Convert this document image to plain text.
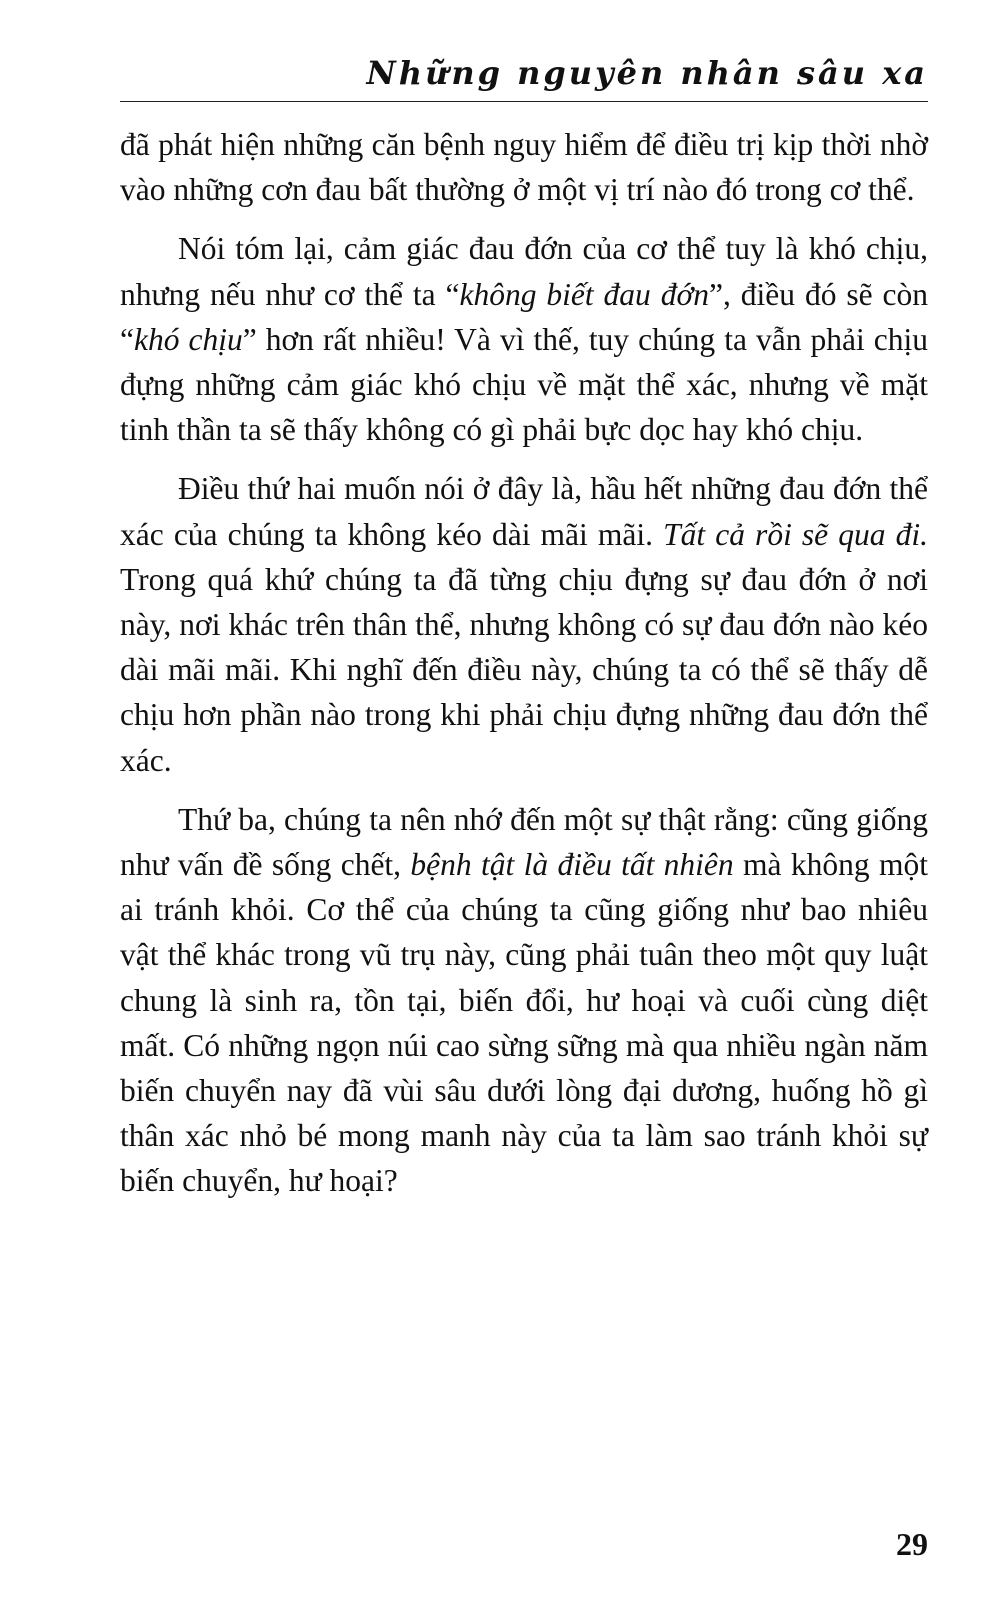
Những nguyên nhân sâu xa

đã phát hiện những căn bệnh nguy hiểm để điều trị kịp thời nhờ vào những cơn đau bất thường ở một vị trí nào đó trong cơ thể.

Nói tóm lại, cảm giác đau đớn của cơ thể tuy là khó chịu, nhưng nếu như cơ thể ta “không biết đau đớn”, điều đó sẽ còn “khó chịu” hơn rất nhiều! Và vì thế, tuy chúng ta vẫn phải chịu đựng những cảm giác khó chịu về mặt thể xác, nhưng về mặt tinh thần ta sẽ thấy không có gì phải bực dọc hay khó chịu.

Điều thứ hai muốn nói ở đây là, hầu hết những đau đớn thể xác của chúng ta không kéo dài mãi mãi. Tất cả rồi sẽ qua đi. Trong quá khứ chúng ta đã từng chịu đựng sự đau đớn ở nơi này, nơi khác trên thân thể, nhưng không có sự đau đớn nào kéo dài mãi mãi. Khi nghĩ đến điều này, chúng ta có thể sẽ thấy dễ chịu hơn phần nào trong khi phải chịu đựng những đau đớn thể xác.

Thứ ba, chúng ta nên nhớ đến một sự thật rằng: cũng giống như vấn đề sống chết, bệnh tật là điều tất nhiên mà không một ai tránh khỏi. Cơ thể của chúng ta cũng giống như bao nhiêu vật thể khác trong vũ trụ này, cũng phải tuân theo một quy luật chung là sinh ra, tồn tại, biến đổi, hư hoại và cuối cùng diệt mất. Có những ngọn núi cao sừng sững mà qua nhiều ngàn năm biến chuyển nay đã vùi sâu dưới lòng đại dương, huống hồ gì thân xác nhỏ bé mong manh này của ta làm sao tránh khỏi sự biến chuyển, hư hoại?

29
